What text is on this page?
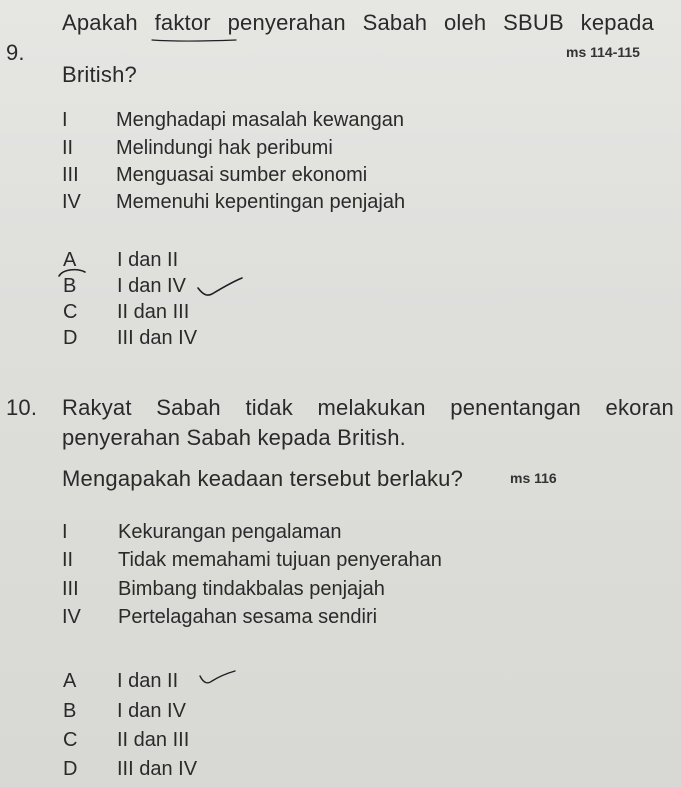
9.
Apakah faktor penyerahan Sabah oleh SBUB kepada
ms 114-115
British?
I Menghadapi masalah kewangan
II Melindungi hak peribumi
III Menguasai sumber ekonomi
IV Memenuhi kepentingan penjajah
A I dan II
B I dan IV
C II dan III
D III dan IV
10. Rakyat Sabah tidak melakukan penentangan ekoran
penyerahan Sabah kepada British.
Mengapakah keadaan tersebut berlaku?	ms 116
I	Kekurangan pengalaman
II Tidak memahami tujuan penyerahan
III Bimbang tindakbalas penjajah
IV Pertelagahan sesama sendiri
A I dan II
B I dan IV
C II dan III
D III dan IV
